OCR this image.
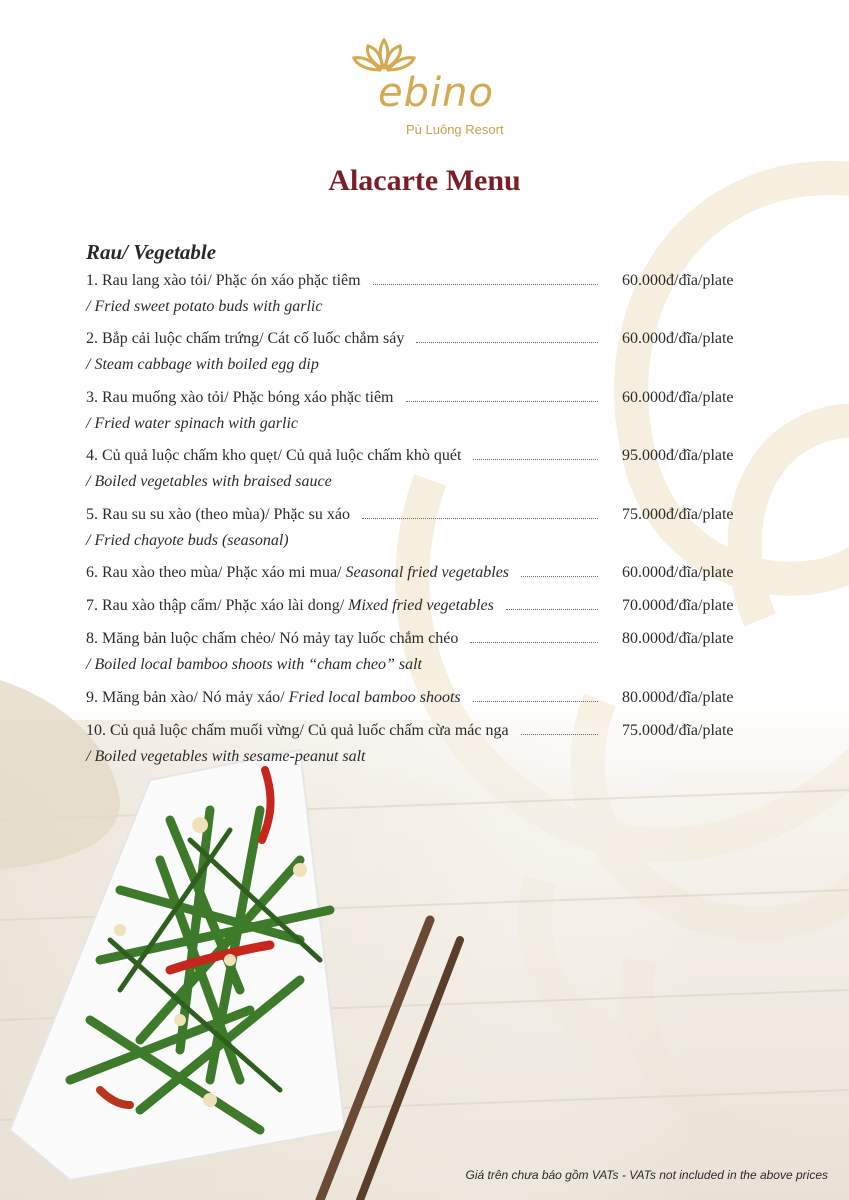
ebino
Pù Luông Resort
Alacarte Menu
Rau/ Vegetable
1. Rau lang xào tỏi/ Phặc ón xáo phặc tiêm	60.000đ/đĩa/plate
/ Fried sweet potato buds with garlic
2. Bắp cải luộc chấm trứng/ Cát cố luốc chắm sáy	60.000đ/đĩa/plate
/ Steam cabbage with boiled egg dip
3. Rau muống xào tỏi/ Phặc bóng xáo phặc tiêm	60.000đ/đĩa/plate
/ Fried water spinach with garlic
4. Củ quả luộc chấm kho quẹt/ Củ quả luộc chấm khò quét	95.000đ/đĩa/plate
/ Boiled vegetables with braised sauce
5. Rau su su xào (theo mùa)/ Phặc su xáo	75.000đ/đĩa/plate
/ Fried chayote buds (seasonal)
6. Rau xào theo mùa/ Phặc xáo mi mua/ Seasonal fried vegetables	60.000đ/đĩa/plate
7. Rau xào thập cẩm/ Phặc xáo lài dong/ Mixed fried vegetables	70.000đ/đĩa/plate
8. Măng bản luộc chấm chẻo/ Nó mảy tay luốc chắm chéo	80.000đ/đĩa/plate
/ Boiled local bamboo shoots with “cham cheo” salt
9. Măng bản xào/ Nó mảy xáo/ Fried local bamboo shoots	80.000đ/đĩa/plate
10. Củ quả luộc chấm muối vừng/ Củ quả luốc chấm cừa mác nga	75.000đ/đĩa/plate
/ Boiled vegetables with sesame-peanut salt
Giá trên chưa báo gồm VATs - VATs not included in the above prices
